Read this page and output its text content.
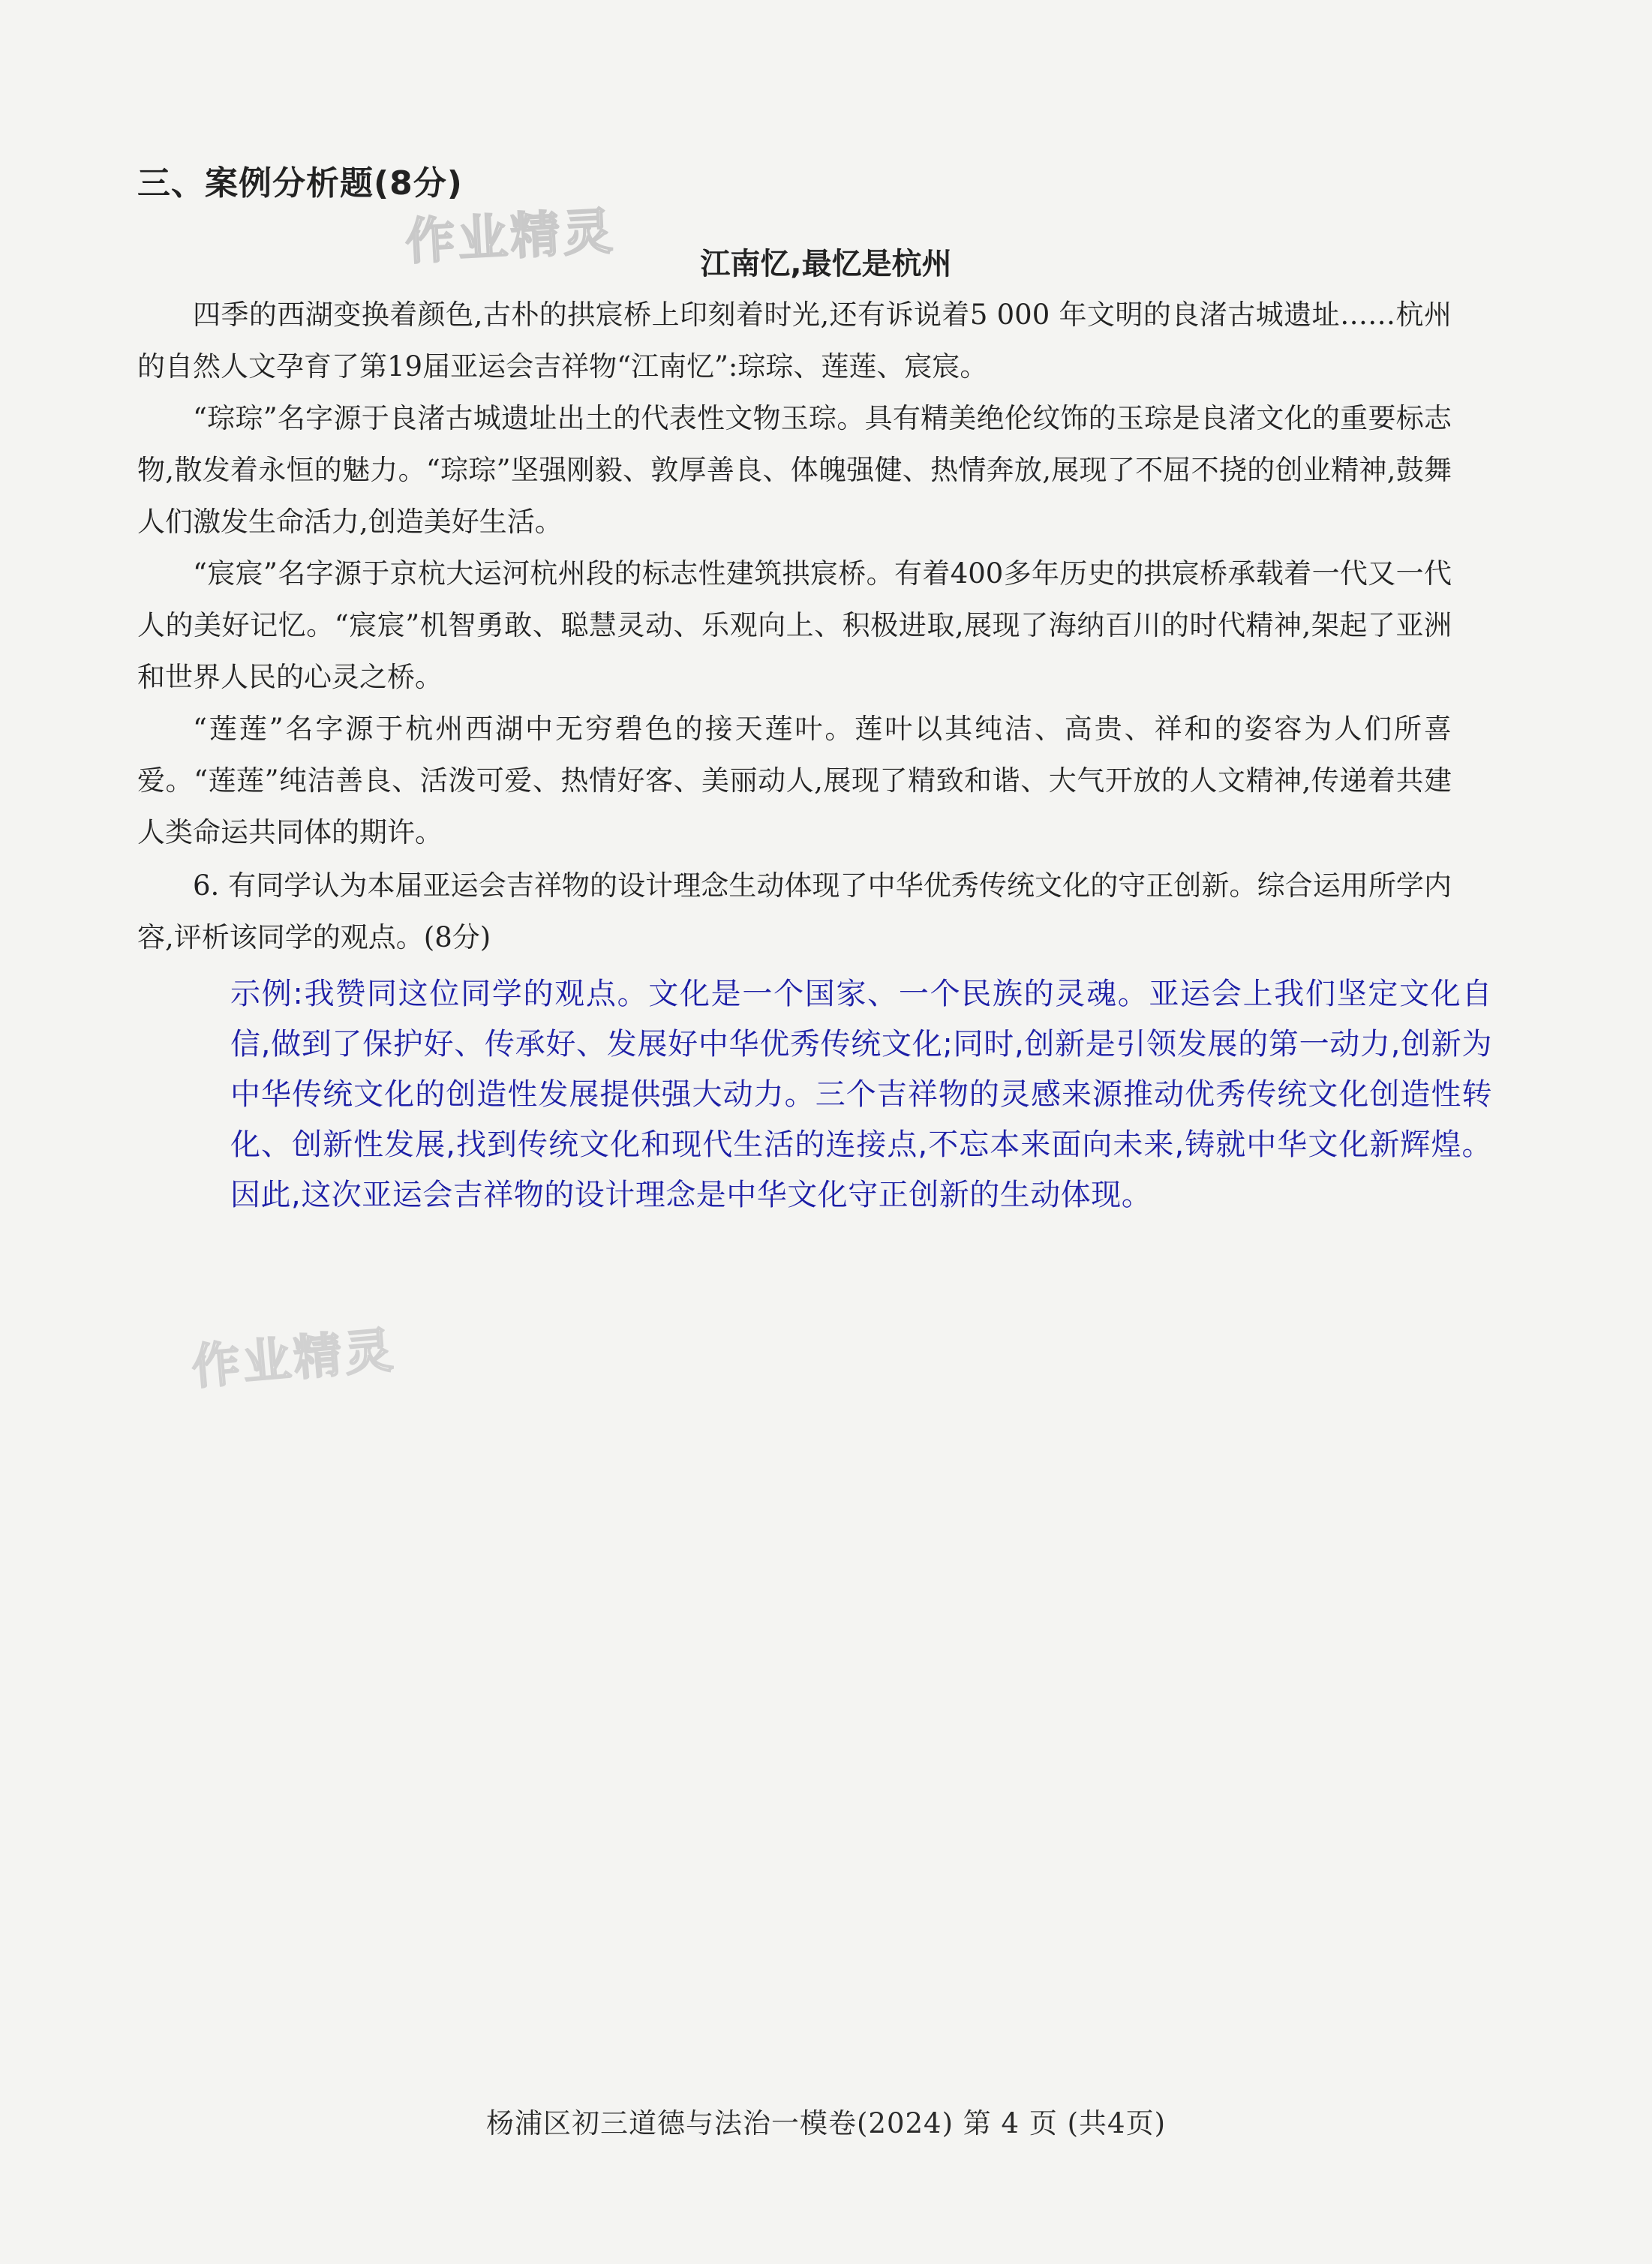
三、案例分析题(8分)
作业精灵
作业精灵
江南忆,最忆是杭州

四季的西湖变换着颜色,古朴的拱宸桥上印刻着时光,还有诉说着5 000 年文明的良渚古城遗址……杭州的自然人文孕育了第19届亚运会吉祥物“江南忆”:琮琮、莲莲、宸宸。

“琮琮”名字源于良渚古城遗址出土的代表性文物玉琮。具有精美绝伦纹饰的玉琮是良渚文化的重要标志物,散发着永恒的魅力。“琮琮”坚强刚毅、敦厚善良、体魄强健、热情奔放,展现了不屈不挠的创业精神,鼓舞人们激发生命活力,创造美好生活。

“宸宸”名字源于京杭大运河杭州段的标志性建筑拱宸桥。有着400多年历史的拱宸桥承载着一代又一代人的美好记忆。“宸宸”机智勇敢、聪慧灵动、乐观向上、积极进取,展现了海纳百川的时代精神,架起了亚洲和世界人民的心灵之桥。

“莲莲”名字源于杭州西湖中无穷碧色的接天莲叶。莲叶以其纯洁、高贵、祥和的姿容为人们所喜爱。“莲莲”纯洁善良、活泼可爱、热情好客、美丽动人,展现了精致和谐、大气开放的人文精神,传递着共建人类命运共同体的期许。

6. 有同学认为本届亚运会吉祥物的设计理念生动体现了中华优秀传统文化的守正创新。综合运用所学内容,评析该同学的观点。(8分)

示例:我赞同这位同学的观点。文化是一个国家、一个民族的灵魂。亚运会上我们坚定文化自信,做到了保护好、传承好、发展好中华优秀传统文化;同时,创新是引领发展的第一动力,创新为中华传统文化的创造性发展提供强大动力。三个吉祥物的灵感来源推动优秀传统文化创造性转化、创新性发展,找到传统文化和现代生活的连接点,不忘本来面向未来,铸就中华文化新辉煌。因此,这次亚运会吉祥物的设计理念是中华文化守正创新的生动体现。

杨浦区初三道德与法治一模卷(2024) 第 4 页 (共4页)
